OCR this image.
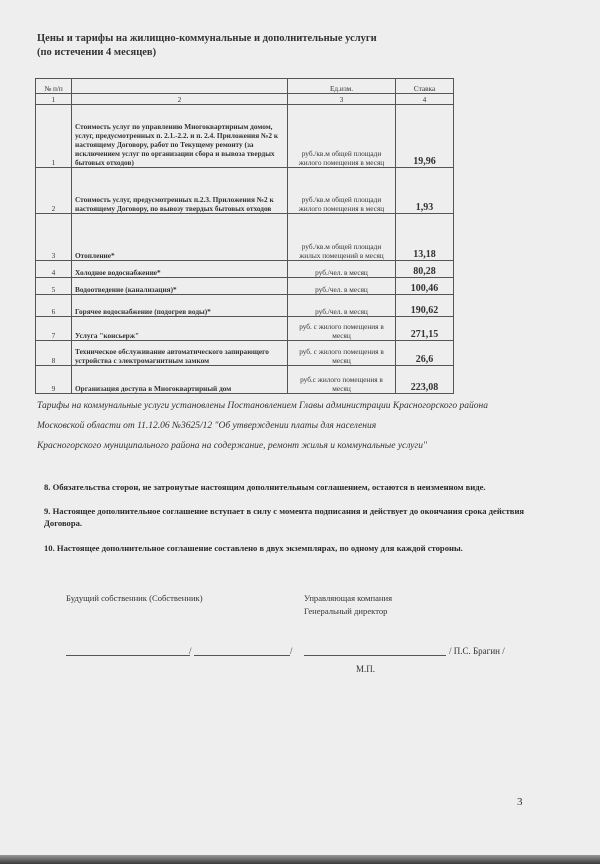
Цены и тарифы на жилищно-коммунальные и дополнительные услуги
(по истечении 4 месяцев)
№ п/п		Ед.изм.	Ставка
1	2	3	4
1	Стоимость услуг по управлению Многоквартирным домом, услуг, предусмотренных п. 2.1.-2.2. и п. 2.4. Приложения №2 к настоящему Договору, работ по Текущему ремонту (за исключением услуг по организации сбора и вывоза твердых бытовых отходов)	руб./кв.м общей площади жилого помещения в месяц	19,96
2	Стоимость услуг, предусмотренных п.2.3. Приложения №2 к настоящему Договору, по вывозу твердых бытовых отходов	руб./кв.м общей площади жилого помещения в месяц	1,93
3	Отопление*	руб./кв.м общей площади жилых помещений в месяц	13,18
4	Холодное водоснабжение*	руб./чел. в месяц	80,28
5	Водоотведение (канализация)*	руб./чел. в месяц	100,46
6	Горячее водоснабжение (подогрев воды)*	руб./чел. в месяц	190,62
7	Услуга "консьерж"	руб. с жилого помещения в месяц	271,15
8	Техническое обслуживание автоматического запирающего устройства с электромагнитным замком	руб. с жилого помещения в месяц	26,6
9	Организация доступа в Многоквартирный дом	руб.с жилого помещения в месяц	223,08
Тарифы на коммунальные услуги установлены Постановлением Главы администрации Красногорского района
Московской области от 11.12.06 №3625/12 "Об утверждении платы для населения
Красногорского муниципального района на содержание, ремонт жилья и коммунальные услуги"
8. Обязательства сторон, не затронутые настоящим дополнительным соглашением, остаются в неизменном виде.
9. Настоящее дополнительное соглашение вступает в силу с момента подписания и действует до окончания срока действия Договора.
10. Настоящее дополнительное соглашение составлено в двух экземплярах, по одному для каждой стороны.
Будущий собственник (Собственник)	Управляющая компания
Генеральный директор
/	/	/ П.С. Брагин /
М.П.
3
